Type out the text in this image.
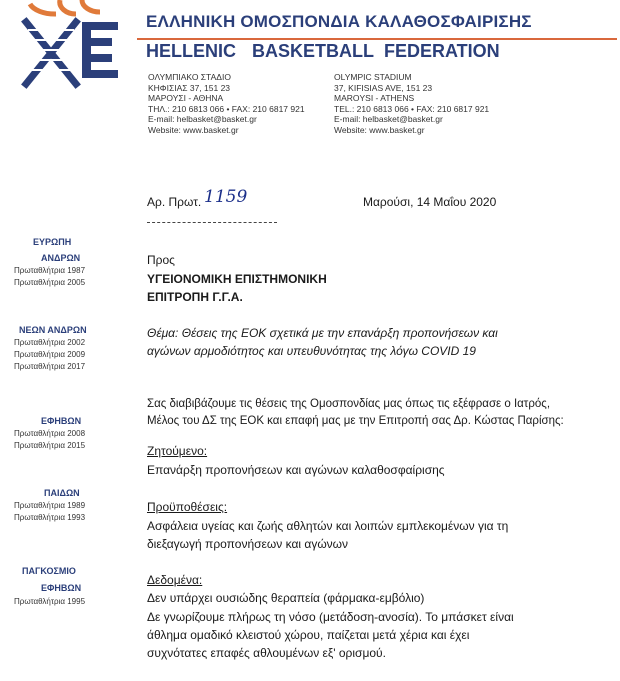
ΕΛΛΗΝΙΚΗ ΟΜΟΣΠΟΝΔΙΑ ΚΑΛΑΘΟΣΦΑΙΡΙΣΗΣ
HELLENIC BASKETBALL FEDERATION
ΟΛΥΜΠΙΑΚΟ ΣΤΑΔΙΟ
ΚΗΦΙΣΙΑΣ 37, 151 23
ΜΑΡΟΥΣΙ - ΑΘΗΝΑ
ΤΗΛ.: 210 6813 066 • FAX: 210 6817 921
E-mail: helbasket@basket.gr
Website: www.basket.gr
OLYMPIC STADIUM
37, KIFISIAS AVE, 151 23
MAROYSI - ATHENS
TEL.: 210 6813 066 • FAX: 210 6817 921
E-mail: helbasket@basket.gr
Website: www.basket.gr
ΕΥΡΩΠΗ
ΑΝΔΡΩΝ
Πρωταθλήτρια 1987
Πρωταθλήτρια 2005
ΝΕΩΝ ΑΝΔΡΩΝ
Πρωταθλήτρια 2002
Πρωταθλήτρια 2009
Πρωταθλήτρια 2017
ΕΦΗΒΩΝ
Πρωταθλήτρια 2008
Πρωταθλήτρια 2015
ΠΑΙΔΩΝ
Πρωταθλήτρια 1989
Πρωταθλήτρια 1993
ΠΑΓΚΟΣΜΙΟ
ΕΦΗΒΩΝ
Πρωταθλήτρια 1995
Αρ. Πρωτ. 1159	Μαρούσι, 14 Μαΐου 2020
Προς
ΥΓΕΙΟΝΟΜΙΚΗ ΕΠΙΣΤΗΜΟΝΙΚΗ
ΕΠΙΤΡΟΠΗ Γ.Γ.Α.
Θέμα: Θέσεις της ΕΟΚ σχετικά με την επανάρξη προπονήσεων και
αγώνων αρμοδιότητος και υπευθυνότητας της λόγω COVID 19
Σας διαβιβάζουμε τις θέσεις της Ομοσπονδίας μας όπως τις εξέφρασε ο Ιατρός,
Μέλος του ΔΣ της ΕΟΚ και επαφή μας με την Επιτροπή σας Δρ. Κώστας Παρίσης:
Ζητούμενο:
Επανάρξη προπονήσεων και αγώνων καλαθοσφαίρισης
Προϋποθέσεις:
Ασφάλεια υγείας και ζωής αθλητών και λοιπών εμπλεκομένων για τη
διεξαγωγή προπονήσεων και αγώνων
Δεδομένα:
Δεν υπάρχει ουσιώδης θεραπεία (φάρμακα-εμβόλιο)
Δε γνωρίζουμε πλήρως τη νόσο (μετάδοση-ανοσία). Το μπάσκετ είναι
άθλημα ομαδικό κλειστού χώρου, παίζεται μετά χέρια και έχει
συχνότατες επαφές αθλουμένων εξ' ορισμού.
